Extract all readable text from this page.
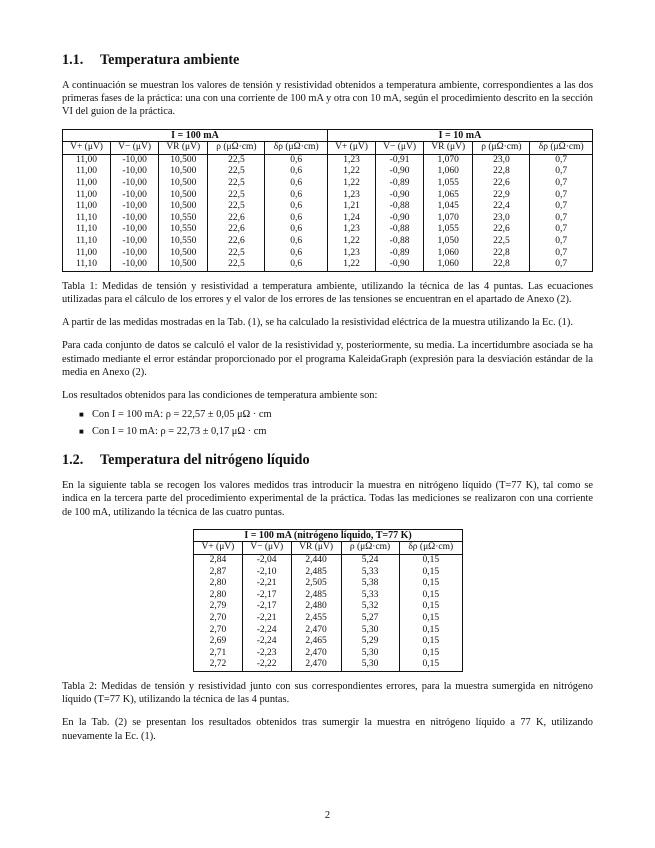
1.1. Temperatura ambiente

A continuación se muestran los valores de tensión y resistividad obtenidos a temperatura ambiente, correspondientes a las dos primeras fases de la práctica: una con una corriente de 100 mA y otra con 10 mA, según el procedimiento descrito en la sección VI del guion de la práctica.

I = 100 mA					I = 10 mA				
V+ (μV)	V− (μV)	VR (μV)	ρ (μΩ·cm)	δρ (μΩ·cm)	V+ (μV)	V− (μV)	VR (μV)	ρ (μΩ·cm)	δρ (μΩ·cm)
11,00	-10,00	10,500	22,5	0,6	1,23	-0,91	1,070	23,0	0,7
11,00	-10,00	10,500	22,5	0,6	1,22	-0,90	1,060	22,8	0,7
11,00	-10,00	10,500	22,5	0,6	1,22	-0,89	1,055	22,6	0,7
11,00	-10,00	10,500	22,5	0,6	1,23	-0,90	1,065	22,9	0,7
11,00	-10,00	10,500	22,5	0,6	1,21	-0,88	1,045	22,4	0,7
11,10	-10,00	10,550	22,6	0,6	1,24	-0,90	1,070	23,0	0,7
11,10	-10,00	10,550	22,6	0,6	1,23	-0,88	1,055	22,6	0,7
11,10	-10,00	10,550	22,6	0,6	1,22	-0,88	1,050	22,5	0,7
11,00	-10,00	10,500	22,5	0,6	1,23	-0,89	1,060	22,8	0,7
11,10	-10,00	10,500	22,5	0,6	1,22	-0,90	1,060	22,8	0,7

Tabla 1: Medidas de tensión y resistividad a temperatura ambiente, utilizando la técnica de las 4 puntas. Las ecuaciones utilizadas para el cálculo de los errores y el valor de los errores de las tensiones se encuentran en el apartado de Anexo (2).

A partir de las medidas mostradas en la Tab. (1), se ha calculado la resistividad eléctrica de la muestra utilizando la Ec. (1).

Para cada conjunto de datos se calculó el valor de la resistividad y, posteriormente, su media. La incertidumbre asociada se ha estimado mediante el error estándar proporcionado por el programa KaleidaGraph (expresión para la desviación estándar de la media en Anexo (2).

Los resultados obtenidos para las condiciones de temperatura ambiente son:

■ Con I = 100 mA: ρ = 22,57 ± 0,05 μΩ · cm
■ Con I = 10 mA: ρ = 22,73 ± 0,17 μΩ · cm
1.2. Temperatura del nitrógeno líquido

En la siguiente tabla se recogen los valores medidos tras introducir la muestra en nitrógeno líquido (T=77 K), tal como se indica en la tercera parte del procedimiento experimental de la práctica. Todas las mediciones se realizaron con una corriente de 100 mA, utilizando la técnica de las cuatro puntas.

I = 100 mA (nitrógeno líquido, T=77 K)				
V+ (μV)	V− (μV)	VR (μV)	ρ (μΩ·cm)	δρ (μΩ·cm)
2,84	-2,04	2,440	5,24	0,15
2,87	-2,10	2,485	5,33	0,15
2,80	-2,21	2,505	5,38	0,15
2,80	-2,17	2,485	5,33	0,15
2,79	-2,17	2,480	5,32	0,15
2,70	-2,21	2,455	5,27	0,15
2,70	-2,24	2,470	5,30	0,15
2,69	-2,24	2,465	5,29	0,15
2,71	-2,23	2,470	5,30	0,15
2,72	-2,22	2,470	5,30	0,15

Tabla 2: Medidas de tensión y resistividad junto con sus correspondientes errores, para la muestra sumergida en nitrógeno líquido (T=77 K), utilizando la técnica de las 4 puntas.

En la Tab. (2) se presentan los resultados obtenidos tras sumergir la muestra en nitrógeno líquido a 77 K, utilizando nuevamente la Ec. (1).

2
